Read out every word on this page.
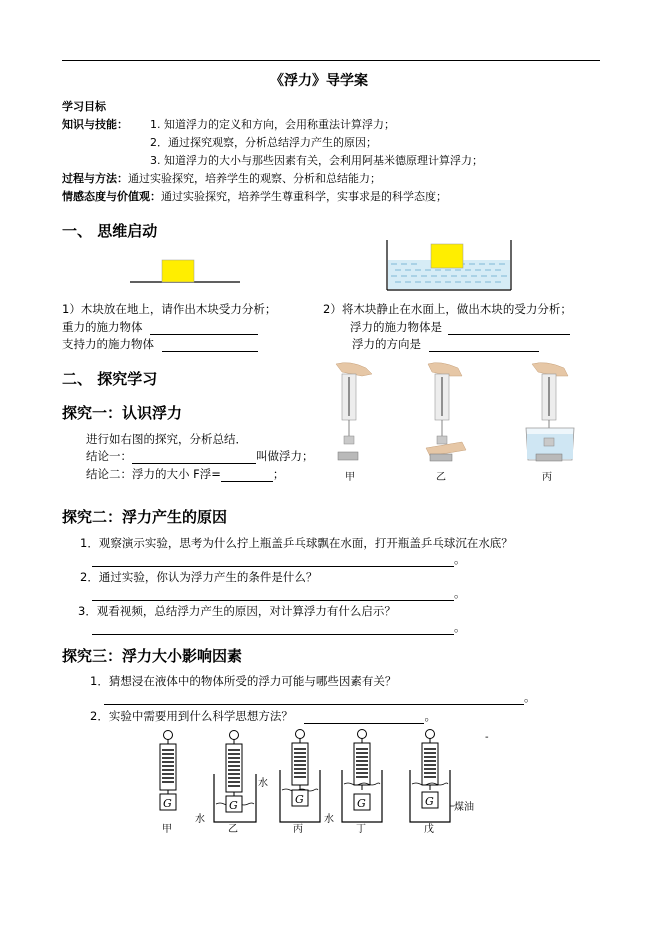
《浮力》导学案
学习目标
知识与技能： 1. 知道浮力的定义和方向，会用称重法计算浮力；
2．通过探究观察，分析总结浮力产生的原因；
3. 知道浮力的大小与那些因素有关，会利用阿基米德原理计算浮力；
过程与方法：通过实验探究，培养学生的观察、分析和总结能力；
情感态度与价值观：通过实验探究，培养学生尊重科学，实事求是的科学态度；
一、 思维启动
1）木块放在地上，请作出木块受力分析；	2）将木块静止在水面上，做出木块的受力分析；
重力的施力物体	浮力的施力物体是
支持力的施力物体	浮力的方向是
二、 探究学习
探究一：认识浮力
进行如右图的探究，分析总结．
结论一：	叫做浮力；
结论二：浮力的大小 F浮=	；	甲	乙	丙
探究二：浮力产生的原因
1．观察演示实验，思考为什么拧上瓶盖乒乓球飘在水面，打开瓶盖乒乓球沉在水底？
。
2．通过实验，你认为浮力产生的条件是什么？
。
3．观看视频，总结浮力产生的原因，对计算浮力有什么启示？
。
探究三：浮力大小影响因素
1．猜想浸在液体中的物体所受的浮力可能与哪些因素有关？
。
2．实验中需要用到什么科学思想方法？	。
-
G
甲
G
水
乙
G
水
丙
G
水
丁
G 煤油
戊
